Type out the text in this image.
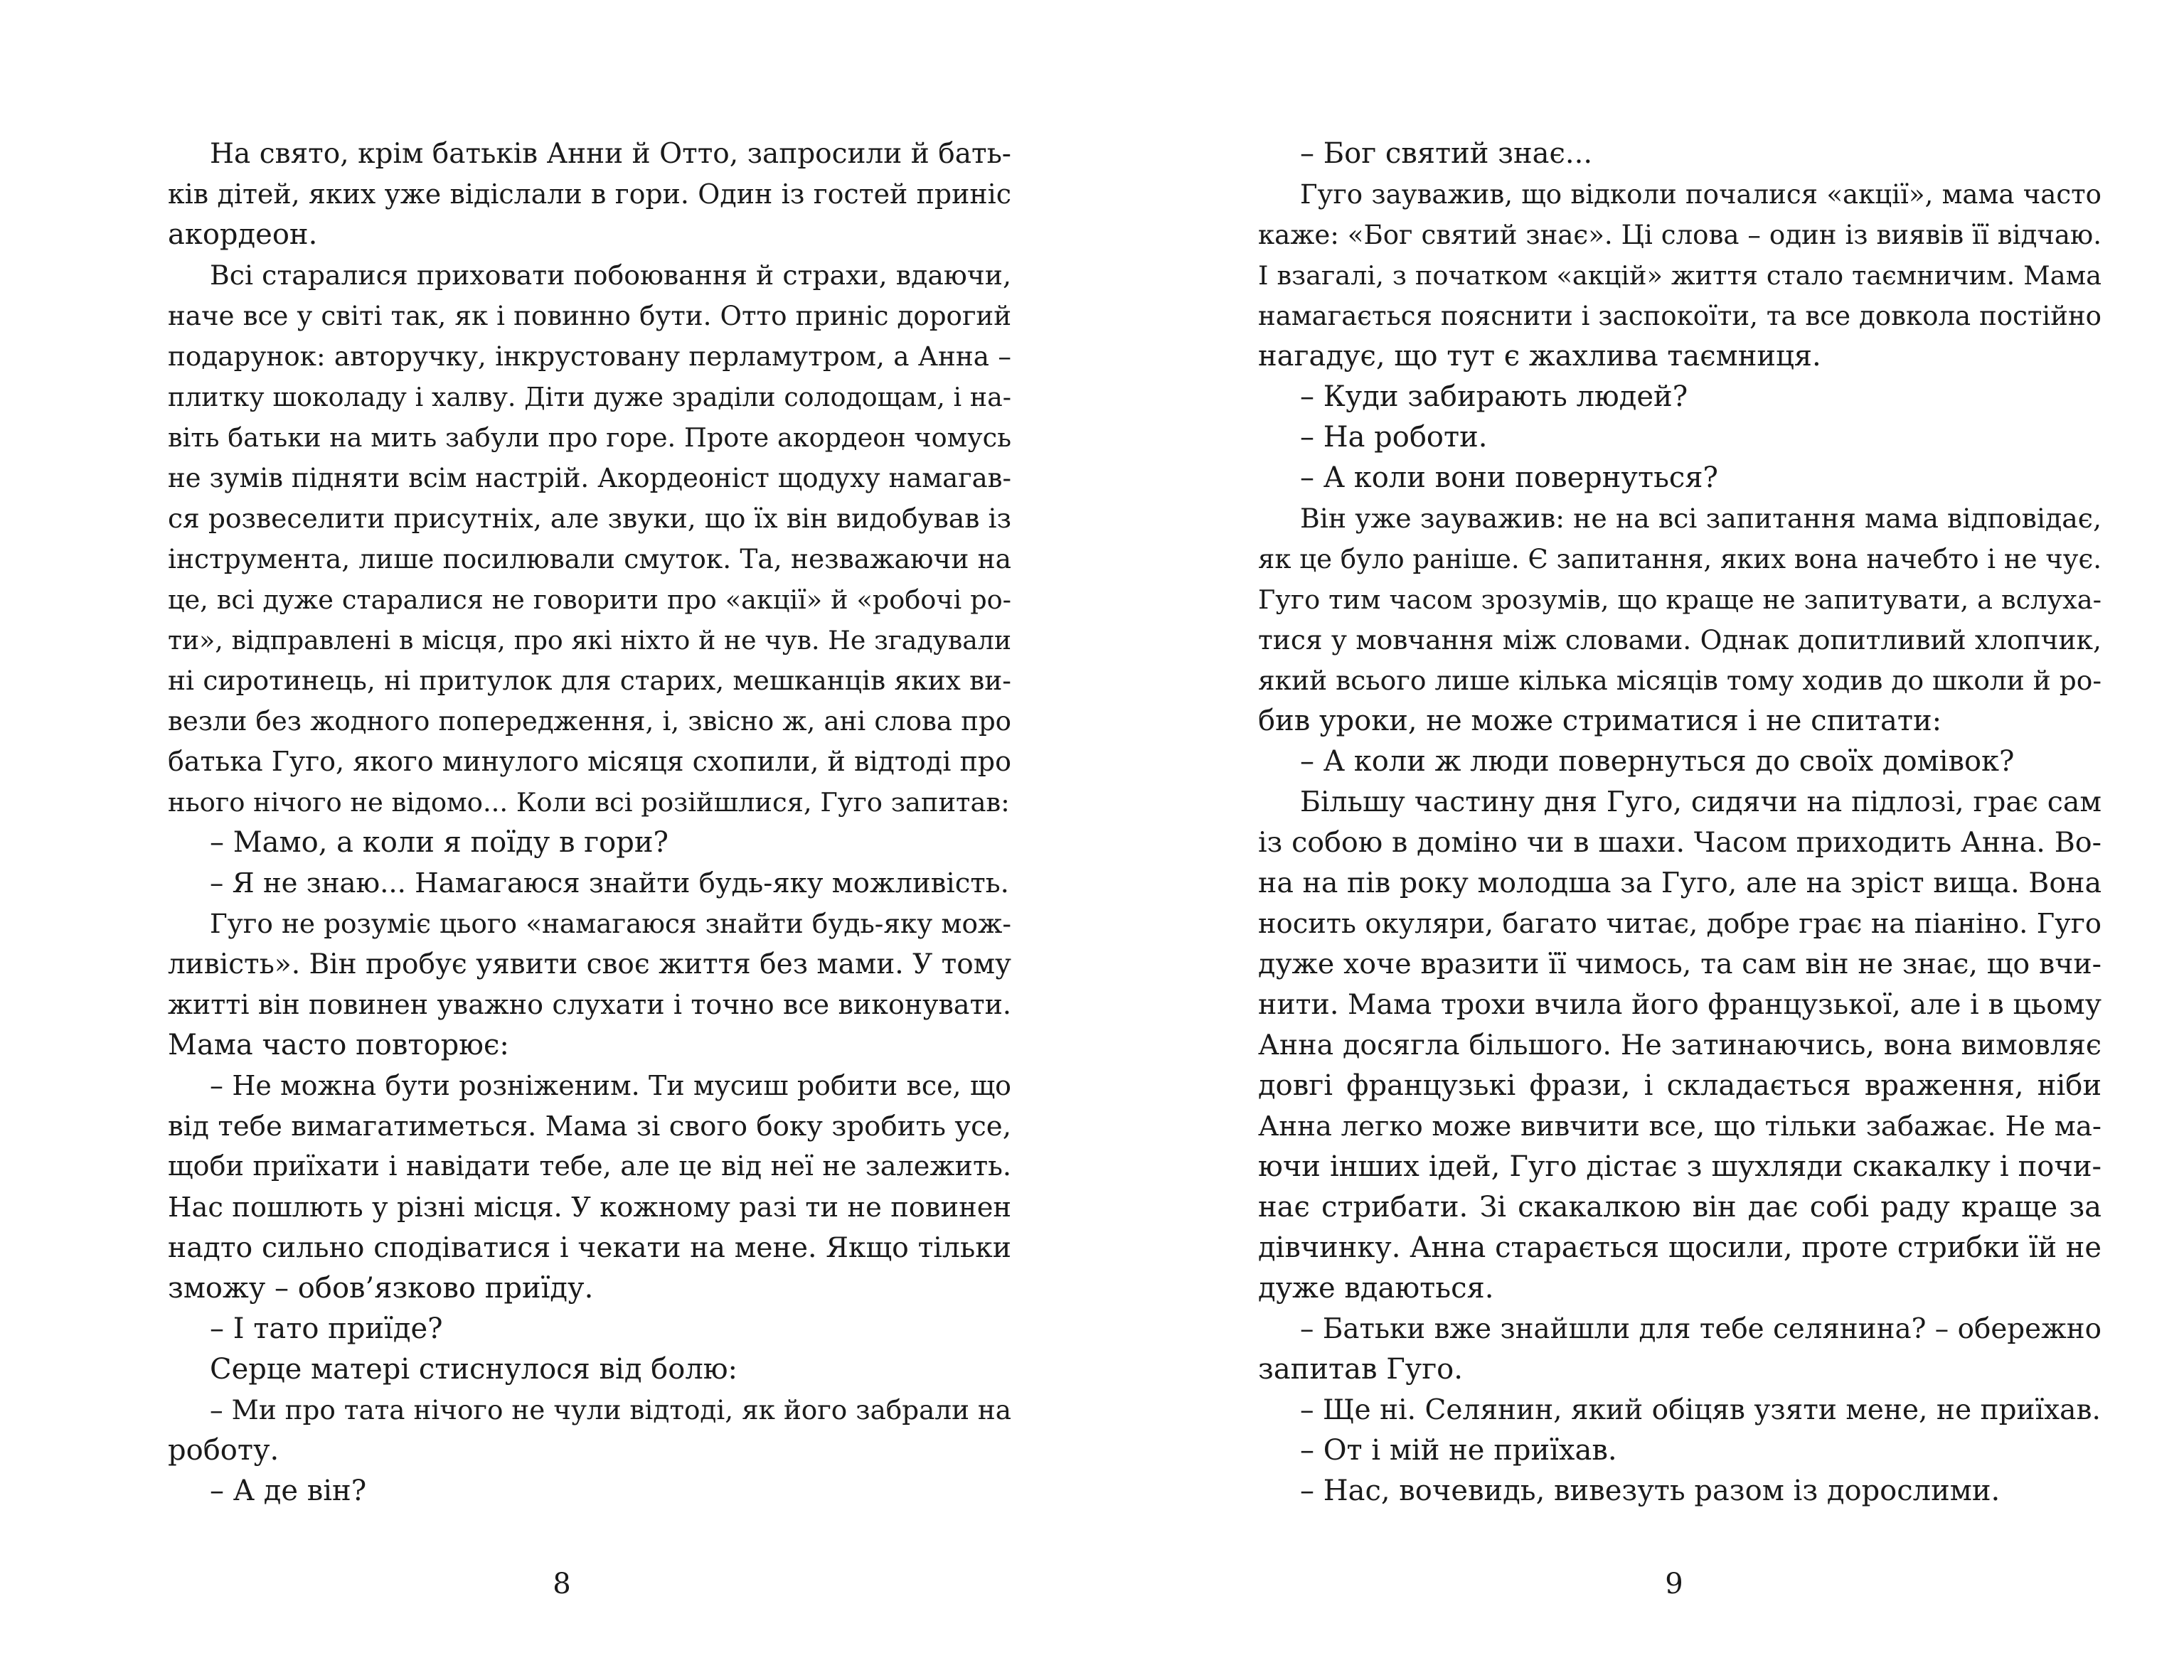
На свято, крім батьків Анни й Отто, запросили й бать-
ків дітей, яких уже відіслали в гори. Один із гостей приніс
акордеон.
Всі старалися приховати побоювання й страхи, вдаючи,
наче все у світі так, як і повинно бути. Отто приніс дорогий
подарунок: авторучку, інкрустовану перламутром, а Анна –
плитку шоколаду і халву. Діти дуже зраділи солодощам, і на-
віть батьки на мить забули про горе. Проте акордеон чомусь
не зумів підняти всім настрій. Акордеоніст щодуху намагав-
ся розвеселити присутніх, але звуки, що їх він видобував із
інструмента, лише посилювали смуток. Та, незважаючи на
це, всі дуже старалися не говорити про «акції» й «робочі ро-
ти», відправлені в місця, про які ніхто й не чув. Не згадували
ні сиротинець, ні притулок для старих, мешканців яких ви-
везли без жодного попередження, і, звісно ж, ані слова про
батька Гуго, якого минулого місяця схопили, й відтоді про
нього нічого не відомо... Коли всі розійшлися, Гуго запитав:
– Мамо, а коли я поїду в гори?
– Я не знаю... Намагаюся знайти будь-яку можливість.
Гуго не розуміє цього «намагаюся знайти будь-яку мож-
ливість». Він пробує уявити своє життя без мами. У тому
житті він повинен уважно слухати і точно все виконувати.
Мама часто повторює:
– Не можна бути розніженим. Ти мусиш робити все, що
від тебе вимагатиметься. Мама зі свого боку зробить усе,
щоби приїхати і навідати тебе, але це від неї не залежить.
Нас пошлють у різні місця. У кожному разі ти не повинен
надто сильно сподіватися і чекати на мене. Якщо тільки
зможу – обов’язково приїду.
– І тато приїде?
Серце матері стиснулося від болю:
– Ми про тата нічого не чули відтоді, як його забрали на
роботу.
– А де він?
8
– Бог святий знає...
Гуго зауважив, що відколи почалися «акції», мама часто
каже: «Бог святий знає». Ці слова – один із виявів її відчаю.
І взагалі, з початком «акцій» життя стало таємничим. Мама
намагається пояснити і заспокоїти, та все довкола постійно
нагадує, що тут є жахлива таємниця.
– Куди забирають людей?
– На роботи.
– А коли вони повернуться?
Він уже зауважив: не на всі запитання мама відповідає,
як це було раніше. Є запитання, яких вона начебто і не чує.
Гуго тим часом зрозумів, що краще не запитувати, а вслуха-
тися у мовчання між словами. Однак допитливий хлопчик,
який всього лише кілька місяців тому ходив до школи й ро-
бив уроки, не може стриматися і не спитати:
– А коли ж люди повернуться до своїх домівок?
Більшу частину дня Гуго, сидячи на підлозі, грає сам
із собою в доміно чи в шахи. Часом приходить Анна. Во-
на на пів року молодша за Гуго, але на зріст вища. Вона
носить окуляри, багато читає, добре грає на піаніно. Гуго
дуже хоче вразити її чимось, та сам він не знає, що вчи-
нити. Мама трохи вчила його французької, але і в цьому
Анна досягла більшого. Не затинаючись, вона вимовляє
довгі французькі фрази, і складається враження, ніби
Анна легко може вивчити все, що тільки забажає. Не ма-
ючи інших ідей, Гуго дістає з шухляди скакалку і почи-
нає стрибати. Зі скакалкою він дає собі раду краще за
дівчинку. Анна старається щосили, проте стрибки їй не
дуже вдаються.
– Батьки вже знайшли для тебе селянина? – обережно
запитав Гуго.
– Ще ні. Селянин, який обіцяв узяти мене, не приїхав.
– От і мій не приїхав.
– Нас, вочевидь, вивезуть разом із дорослими.
9
